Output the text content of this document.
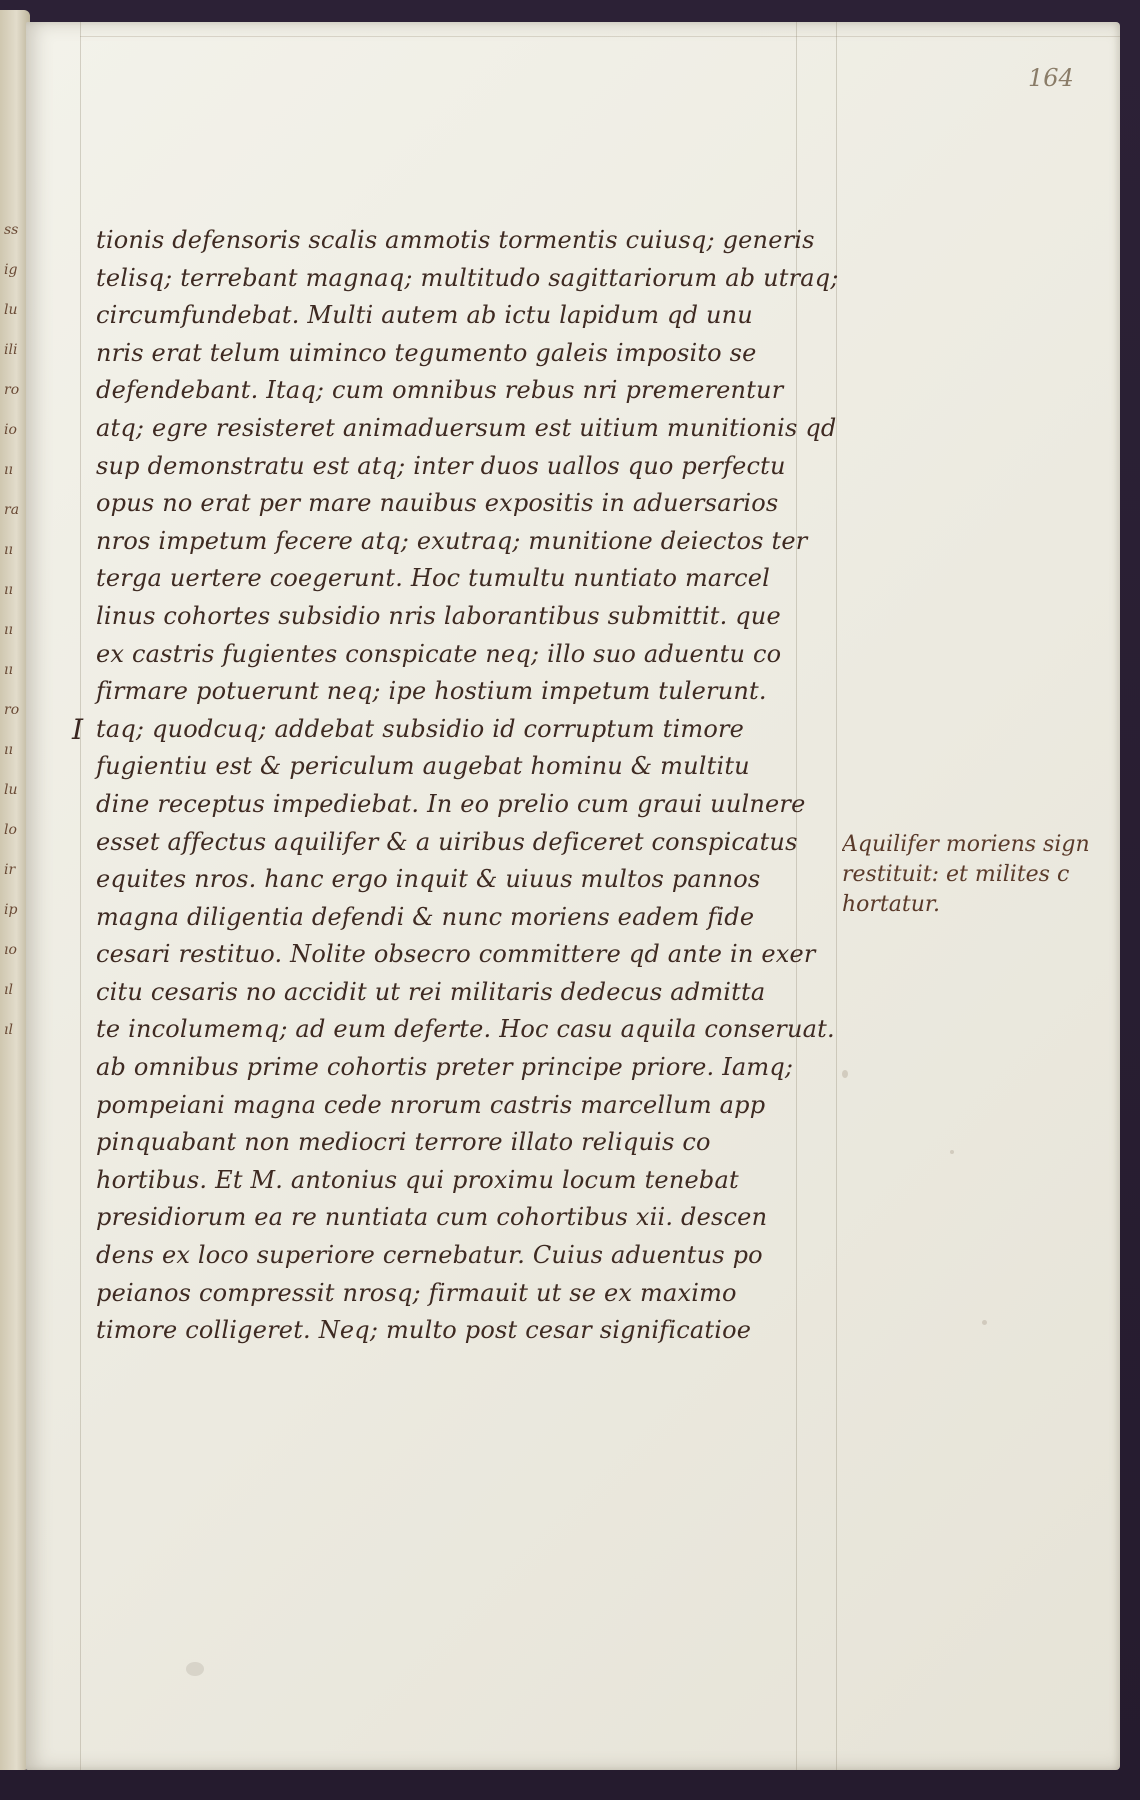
ss
ig
lu
ili
ro
io
ıı
ra
ıı
ıı
ıı
ıı
ro
ıı
lu
lo
ir
ip
ıo
ıl
ıl
164
tionis defensoris scalis ammotis tormentis cuiusq; generis
telisq; terrebant magnaq; multitudo sagittariorum ab utraq;
circumfundebat. Multi autem ab ictu lapidum qd unu
nris erat telum uiminco tegumento galeis imposito se
defendebant. Itaq; cum omnibus rebus nri premerentur
atq; egre resisteret animaduersum est uitium munitionis qd
sup demonstratu est atq; inter duos uallos quo perfectu
opus no erat per mare nauibus expositis in aduersarios
nros impetum fecere atq; exutraq; munitione deiectos ter
terga uertere coegerunt. Hoc tumultu nuntiato marcel
linus cohortes subsidio nris laborantibus submittit. que
ex castris fugientes conspicate neq; illo suo aduentu co
firmare potuerunt neq; ipe hostium impetum tulerunt.
I taq; quodcuq; addebat subsidio id corruptum timore
fugientiu est & periculum augebat hominu & multitu
dine receptus impediebat. In eo prelio cum graui uulnere
esset affectus aquilifer & a uiribus deficeret conspicatus
equites nros. hanc ergo inquit & uiuus multos pannos
magna diligentia defendi & nunc moriens eadem fide
cesari restituo. Nolite obsecro committere qd ante in exer
citu cesaris no accidit ut rei militaris dedecus admitta
te incolumemq; ad eum deferte. Hoc casu aquila conseruat.
ab omnibus prime cohortis preter principe priore. Iamq;
pompeiani magna cede nrorum castris marcellum app
pinquabant non mediocri terrore illato reliquis co
hortibus. Et M. antonius qui proximu locum tenebat
presidiorum ea re nuntiata cum cohortibus xii. descen
dens ex loco superiore cernebatur. Cuius aduentus po
peianos compressit nrosq; firmauit ut se ex maximo
timore colligeret. Neq; multo post cesar significatioe
Aquilifer moriens sign
restituit: et milites c
hortatur.
